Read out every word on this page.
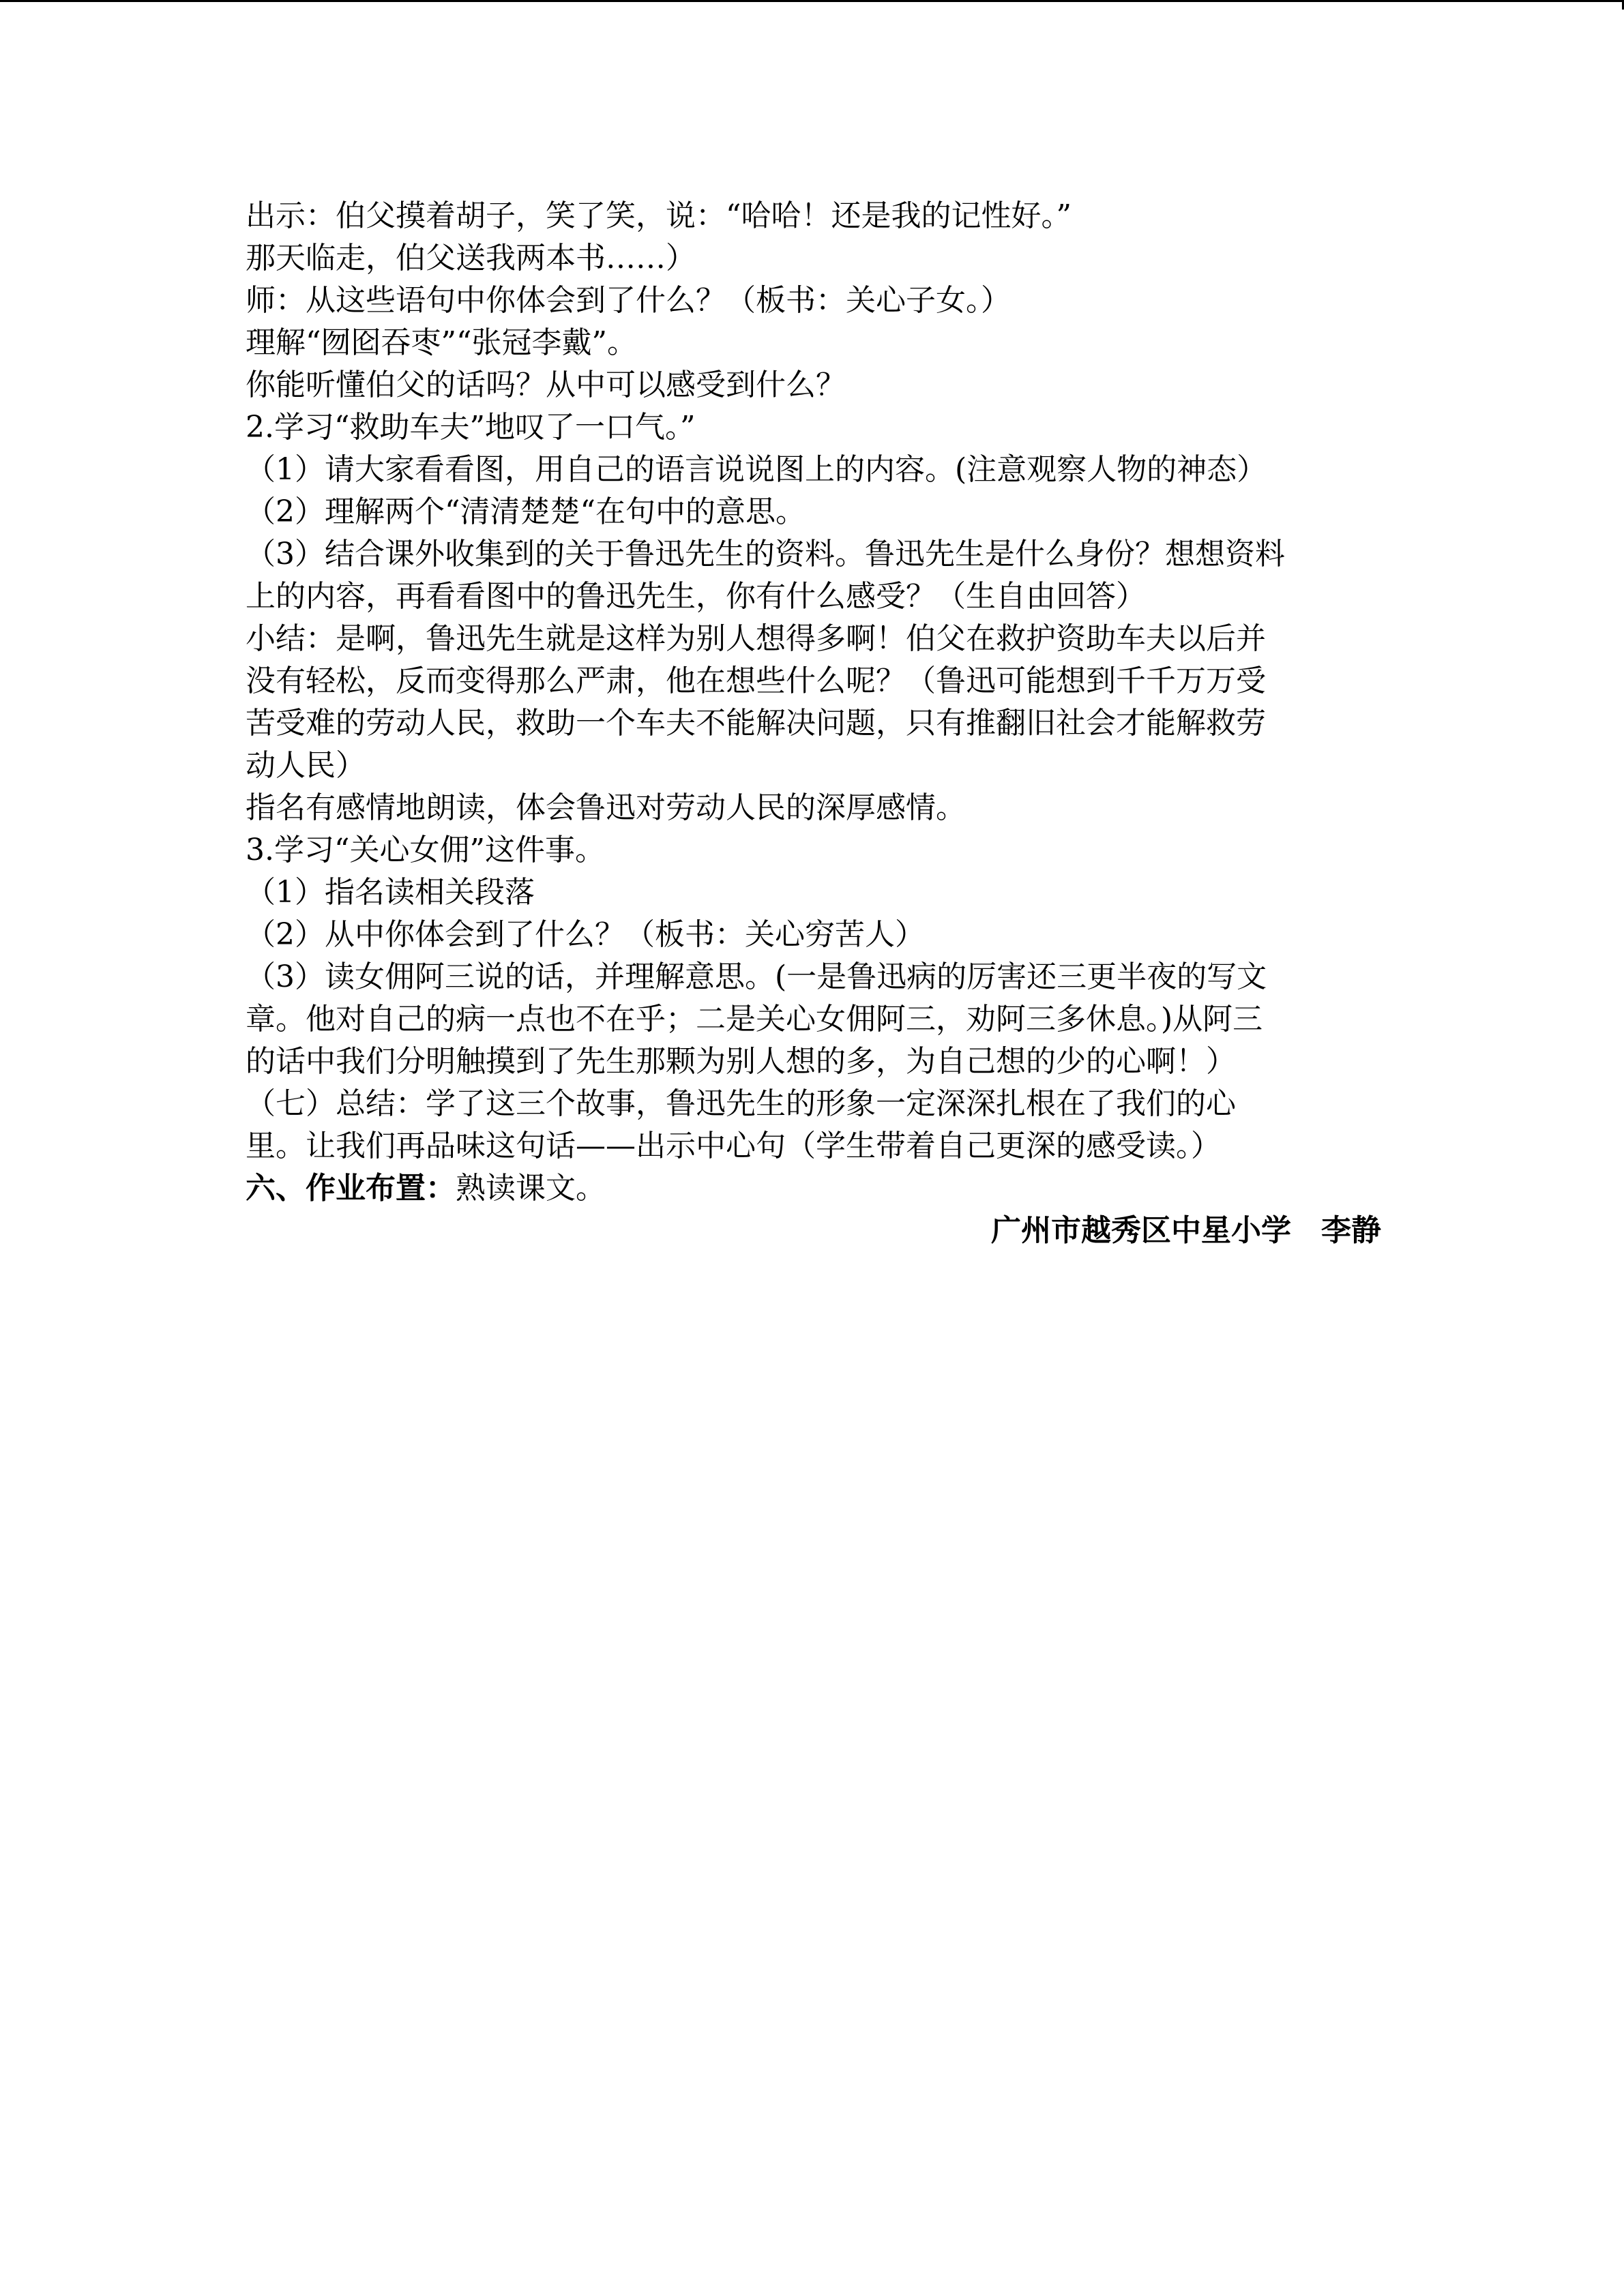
出示：伯父摸着胡子，笑了笑，说：“哈哈！还是我的记性好。”
那天临走，伯父送我两本书……）
师：从这些语句中你体会到了什么？（板书：关心子女。）
理解“囫囵吞枣”“张冠李戴”。
你能听懂伯父的话吗？从中可以感受到什么？
2.学习“救助车夫”地叹了一口气。”
（1）请大家看看图，用自己的语言说说图上的内容。(注意观察人物的神态）
（2）理解两个“清清楚楚“在句中的意思。
（3）结合课外收集到的关于鲁迅先生的资料。鲁迅先生是什么身份？想想资料
上的内容，再看看图中的鲁迅先生，你有什么感受？（生自由回答）
小结：是啊，鲁迅先生就是这样为别人想得多啊！伯父在救护资助车夫以后并
没有轻松，反而变得那么严肃，他在想些什么呢？（鲁迅可能想到千千万万受
苦受难的劳动人民，救助一个车夫不能解决问题，只有推翻旧社会才能解救劳
动人民）
指名有感情地朗读，体会鲁迅对劳动人民的深厚感情。
3.学习“关心女佣”这件事。
（1）指名读相关段落
（2）从中你体会到了什么？（板书：关心穷苦人）
（3）读女佣阿三说的话，并理解意思。(一是鲁迅病的厉害还三更半夜的写文
章。他对自己的病一点也不在乎；二是关心女佣阿三，劝阿三多休息。)从阿三
的话中我们分明触摸到了先生那颗为别人想的多，为自己想的少的心啊！）
（七）总结：学了这三个故事，鲁迅先生的形象一定深深扎根在了我们的心
里。让我们再品味这句话——出示中心句（学生带着自己更深的感受读。）
六、作业布置：熟读课文。
广州市越秀区中星小学　李静
